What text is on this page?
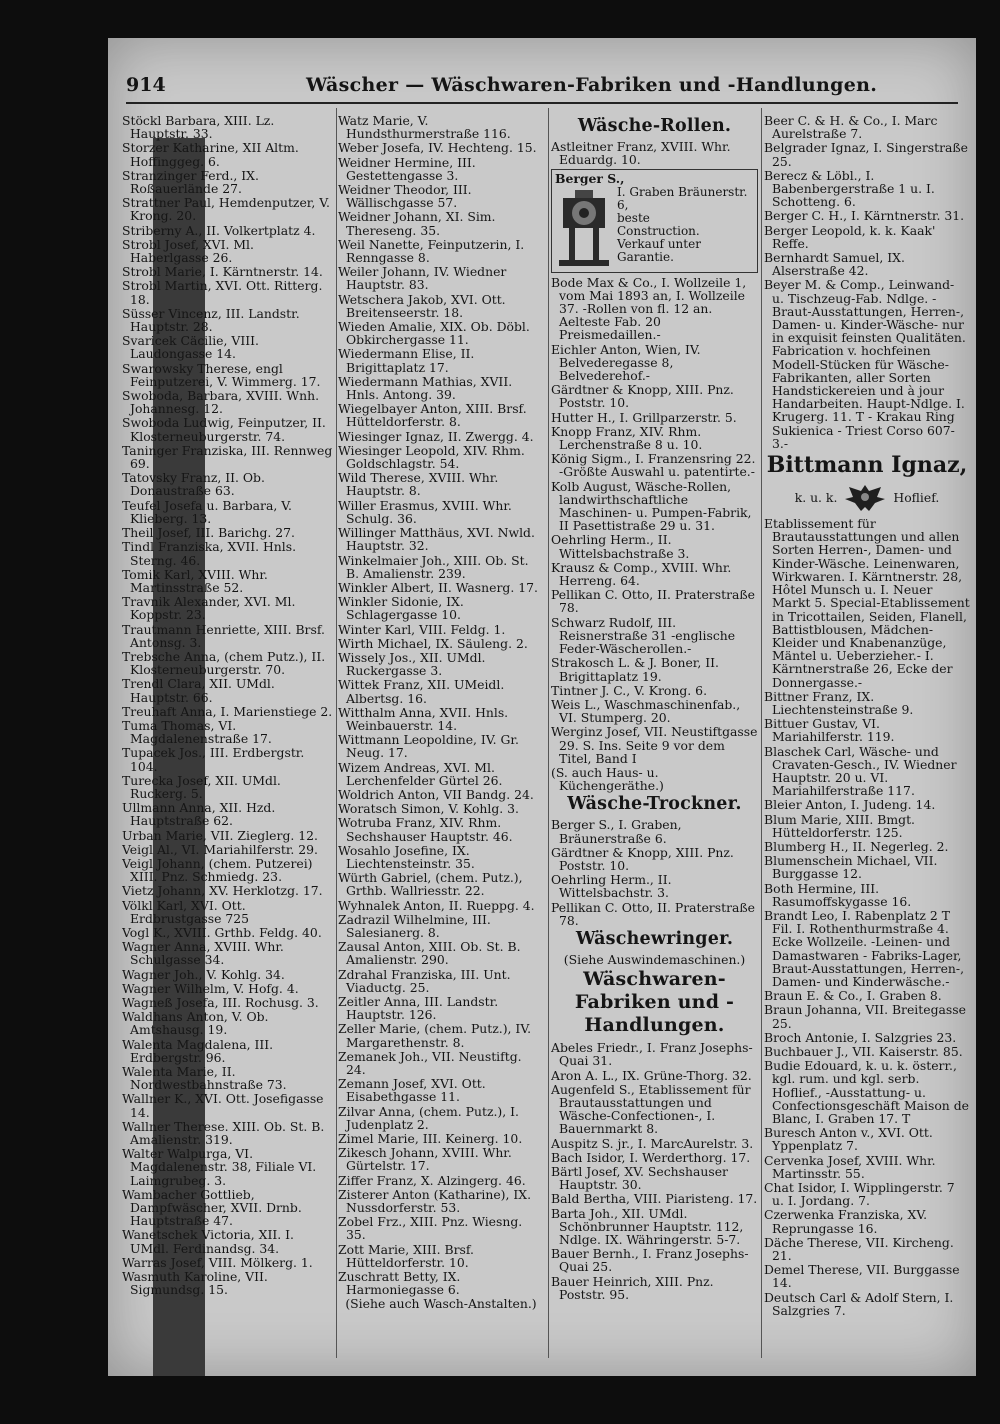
914	Wäscher — Wäschwaren-Fabriken und -Handlungen.
Stöckl Barbara, XIII. Lz. Hauptstr. 33.
Storzer Katharine, XII Altm. Hoffinggeg. 6.
Stranzinger Ferd., IX. Roßauerlände 27.
Strattner Paul, Hemdenputzer, V. Krong. 20.
Striberny A., II. Volkertplatz 4.
Strobl Josef, XVI. Ml. Haberlgasse 26.
Strobl Marie, I. Kärntnerstr. 14.
Strobl Martin, XVI. Ott. Ritterg. 18.
Süsser Vincenz, III. Landstr. Hauptstr. 28.
Svaricek Cäcilie, VIII. Laudongasse 14.
Swarowsky Therese, engl Feinputzerei, V. Wimmerg. 17.
Swoboda, Barbara, XVIII. Wnh. Johannesg. 12.
Swoboda Ludwig, Feinputzer, II. Klosterneuburgerstr. 74.
Taninger Franziska, III. Rennweg 69.
Tatovsky Franz, II. Ob. Donaustraße 63.
Teufel Josefa u. Barbara, V. Klieberg. 13.
Theil Josef, III. Barichg. 27.
Tindl Franziska, XVII. Hnls. Sterng. 46.
Tomik Karl, XVIII. Whr. Martinsstraße 52.
Travnik Alexander, XVI. Ml. Koppstr. 23.
Trautmann Henriette, XIII. Brsf. Antonsg. 3.
Trebsche Anna, (chem Putz.), II. Klosterneuburgerstr. 70.
Trendl Clara, XII. UMdl. Hauptstr. 66.
Treuhaft Anna, I. Marienstiege 2.
Tuma Thomas, VI. Magdalenenstraße 17.
Tupacek Jos., III. Erdbergstr. 104.
Turecka Josef, XII. UMdl. Ruckerg. 5.
Ullmann Anna, XII. Hzd. Hauptstraße 62.
Urban Marie, VII. Zieglerg. 12.
Veigl Al., VI. Mariahilferstr. 29.
Veigl Johann, (chem. Putzerei) XIII. Pnz. Schmiedg. 23.
Vietz Johann, XV. Herklotzg. 17.
Völkl Karl, XVI. Ott. Erdbrustgasse 725
Vogl K., XVIII. Grthb. Feldg. 40.
Wagner Anna, XVIII. Whr. Schulgasse 34.
Wagner Joh., V. Kohlg. 34.
Wagner Wilhelm, V. Hofg. 4.
Wagneß Josefa, III. Rochusg. 3.
Waldhans Anton, V. Ob. Amtshausg. 19.
Walenta Magdalena, III. Erdbergstr. 96.
Walenta Marie, II. Nordwestbahnstraße 73.
Wallner K., XVI. Ott. Josefigasse 14.
Wallner Therese. XIII. Ob. St. B. Amalienstr. 319.
Walter Walpurga, VI. Magdalenenstr. 38, Filiale VI. Laimgrubeg. 3.
Wambacher Gottlieb, Dampfwäscher, XVII. Drnb. Hauptstraße 47.
Wanetschek Victoria, XII. I. UMdl. Ferdinandsg. 34.
Warras Josef, VIII. Mölkerg. 1.
Wasmuth Karoline, VII. Sigmundsg. 15.
Watz Marie, V. Hundsthurmerstraße 116.
Weber Josefa, IV. Hechteng. 15.
Weidner Hermine, III. Gestettengasse 3.
Weidner Theodor, III. Wällischgasse 57.
Weidner Johann, XI. Sim. Thereseng. 35.
Weil Nanette, Feinputzerin, I. Renngasse 8.
Weiler Johann, IV. Wiedner Hauptstr. 83.
Wetschera Jakob, XVI. Ott. Breitenseerstr. 18.
Wieden Amalie, XIX. Ob. Döbl. Obkirchergasse 11.
Wiedermann Elise, II. Brigittaplatz 17.
Wiedermann Mathias, XVII. Hnls. Antong. 39.
Wiegelbayer Anton, XIII. Brsf. Hütteldorferstr. 8.
Wiesinger Ignaz, II. Zwergg. 4.
Wiesinger Leopold, XIV. Rhm. Goldschlagstr. 54.
Wild Therese, XVIII. Whr. Hauptstr. 8.
Willer Erasmus, XVIII. Whr. Schulg. 36.
Willinger Matthäus, XVI. Nwld. Hauptstr. 32.
Winkelmaier Joh., XIII. Ob. St. B. Amalienstr. 239.
Winkler Albert, II. Wasnerg. 17.
Winkler Sidonie, IX. Schlagergasse 10.
Winter Karl, VIII. Feldg. 1.
Wirth Michael, IX. Säuleng. 2.
Wissely Jos., XII. UMdl. Ruckergasse 3.
Wittek Franz, XII. UMeidl. Albertsg. 16.
Witthalm Anna, XVII. Hnls. Weinbauerstr. 14.
Wittmann Leopoldine, IV. Gr. Neug. 17.
Wizem Andreas, XVI. Ml. Lerchenfelder Gürtel 26.
Woldrich Anton, VII Bandg. 24.
Woratsch Simon, V. Kohlg. 3.
Wotruba Franz, XIV. Rhm. Sechshauser Hauptstr. 46.
Wosahlo Josefine, IX. Liechtensteinstr. 35.
Würth Gabriel, (chem. Putz.), Grthb. Wallriesstr. 22.
Wyhnalek Anton, II. Rueppg. 4.
Zadrazil Wilhelmine, III. Salesianerg. 8.
Zausal Anton, XIII. Ob. St. B. Amalienstr. 290.
Zdrahal Franziska, III. Unt. Viaductg. 25.
Zeitler Anna, III. Landstr. Hauptstr. 126.
Zeller Marie, (chem. Putz.), IV. Margarethenstr. 8.
Zemanek Joh., VII. Neustiftg. 24.
Zemann Josef, XVI. Ott. Eisabethgasse 11.
Zilvar Anna, (chem. Putz.), I. Judenplatz 2.
Zimel Marie, III. Keinerg. 10.
Zikesch Johann, XVIII. Whr. Gürtelstr. 17.
Ziffer Franz, X. Alzingerg. 46.
Zisterer Anton (Katharine), IX. Nussdorferstr. 53.
Zobel Frz., XIII. Pnz. Wiesng. 35.
Zott Marie, XIII. Brsf. Hütteldorferstr. 10.
Zuschratt Betty, IX. Harmoniegasse 6.
(Siehe auch Wasch-Anstalten.)
Wäsche-Rollen.
Astleitner Franz, XVIII. Whr. Eduardg. 10.
Berger S.,
I. Graben Bräunerstr. 6,
beste
Construction.
Verkauf unter
Garantie.
Bode Max & Co., I. Wollzeile 1, vom Mai 1893 an, I. Wollzeile 37. -Rollen von fl. 12 an. Aelteste Fab. 20 Preismedaillen.-
Eichler Anton, Wien, IV. Belvederegasse 8, Belvederehof.-
Gärdtner & Knopp, XIII. Pnz. Poststr. 10.
Hutter H., I. Grillparzerstr. 5.
Knopp Franz, XIV. Rhm. Lerchenstraße 8 u. 10.
König Sigm., I. Franzensring 22. -Größte Auswahl u. patentirte.-
Kolb August, Wäsche-Rollen, landwirthschaftliche Maschinen- u. Pumpen-Fabrik, II Pasettistraße 29 u. 31.
Oehrling Herm., II. Wittelsbachstraße 3.
Krausz & Comp., XVIII. Whr. Herreng. 64.
Pellikan C. Otto, II. Praterstraße 78.
Schwarz Rudolf, III. Reisnerstraße 31 -englische Feder-Wäscherollen.-
Strakosch L. & J. Boner, II. Brigittaplatz 19.
Tintner J. C., V. Krong. 6.
Weis L., Waschmaschinenfab., VI. Stumperg. 20.
Werginz Josef, VII. Neustiftgasse 29. S. Ins. Seite 9 vor dem Titel, Band I
(S. auch Haus- u. Küchengeräthe.)
Wäsche-Trockner.
Berger S., I. Graben, Bräunerstraße 6.
Gärdtner & Knopp, XIII. Pnz. Poststr. 10.
Oehrling Herm., II. Wittelsbachstr. 3.
Pellikan C. Otto, II. Praterstraße 78.
Wäschewringer.
(Siehe Auswindemaschinen.)
Wäschwaren-Fabriken und -Handlungen.
Abeles Friedr., I. Franz Josephs-Quai 31.
Aron A. L., IX. Grüne-Thorg. 32.
Augenfeld S., Etablissement für Brautausstattungen und Wäsche-Confectionen-, I. Bauernmarkt 8.
Auspitz S. jr., I. MarcAurelstr. 3.
Bach Isidor, I. Werderthorg. 17.
Bärtl Josef, XV. Sechshauser Hauptstr. 30.
Bald Bertha, VIII. Piaristeng. 17.
Barta Joh., XII. UMdl. Schönbrunner Hauptstr. 112, Ndlge. IX. Währingerstr. 5-7.
Bauer Bernh., I. Franz Josephs-Quai 25.
Bauer Heinrich, XIII. Pnz. Poststr. 95.
Beer C. & H. & Co., I. Marc Aurelstraße 7.
Belgrader Ignaz, I. Singerstraße 25.
Berecz & Löbl., I. Babenbergerstraße 1 u. I. Schotteng. 6.
Berger C. H., I. Kärntnerstr. 31.
Berger Leopold, k. k. Kaak' Reffe.
Bernhardt Samuel, IX. Alserstraße 42.
Beyer M. & Comp., Leinwand- u. Tischzeug-Fab. Ndlge. -Braut-Ausstattungen, Herren-, Damen- u. Kinder-Wäsche- nur in exquisit feinsten Qualitäten. Fabrication v. hochfeinen Modell-Stücken für Wäsche-Fabrikanten, aller Sorten Handstickereien und à jour Handarbeiten. Haupt-Ndlge. I. Krugerg. 11. T - Krakau Ring Sukienica - Triest Corso 607-3.-
Bittmann Ignaz,
k. u. k.	Hoflief.
Etablissement für Brautausstattungen und allen Sorten Herren-, Damen- und Kinder-Wäsche. Leinenwaren, Wirkwaren. I. Kärntnerstr. 28, Hôtel Munsch u. I. Neuer Markt 5. Special-Etablissement in Tricottailen, Seiden, Flanell, Battistblousen, Mädchen-Kleider und Knabenanzüge, Mäntel u. Ueberzieher.- I. Kärntnerstraße 26, Ecke der Donnergasse.-
Bittner Franz, IX. Liechtensteinstraße 9.
Bittuer Gustav, VI. Mariahilferstr. 119.
Blaschek Carl, Wäsche- und Cravaten-Gesch., IV. Wiedner Hauptstr. 20 u. VI. Mariahilferstraße 117.
Bleier Anton, I. Judeng. 14.
Blum Marie, XIII. Bmgt. Hütteldorferstr. 125.
Blumberg H., II. Negerleg. 2.
Blumenschein Michael, VII. Burggasse 12.
Both Hermine, III. Rasumoffskygasse 16.
Brandt Leo, I. Rabenplatz 2 T Fil. I. Rothenthurmstraße 4. Ecke Wollzeile. -Leinen- und Damastwaren - Fabriks-Lager, Braut-Ausstattungen, Herren-, Damen- und Kinderwäsche.-
Braun E. & Co., I. Graben 8.
Braun Johanna, VII. Breitegasse 25.
Broch Antonie, I. Salzgries 23.
Buchbauer J., VII. Kaiserstr. 85.
Budie Edouard, k. u. k. österr., kgl. rum. und kgl. serb. Hoflief., -Ausstattung- u. Confectionsgeschäft Maison de Blanc, I. Graben 17. T
Buresch Anton v., XVI. Ott. Yppenplatz 7.
Cervenka Josef, XVIII. Whr. Martinsstr. 55.
Chat Isidor, I. Wipplingerstr. 7 u. I. Jordang. 7.
Czerwenka Franziska, XV. Reprungasse 16.
Däche Therese, VII. Kircheng. 21.
Demel Therese, VII. Burggasse 14.
Deutsch Carl & Adolf Stern, I. Salzgries 7.
